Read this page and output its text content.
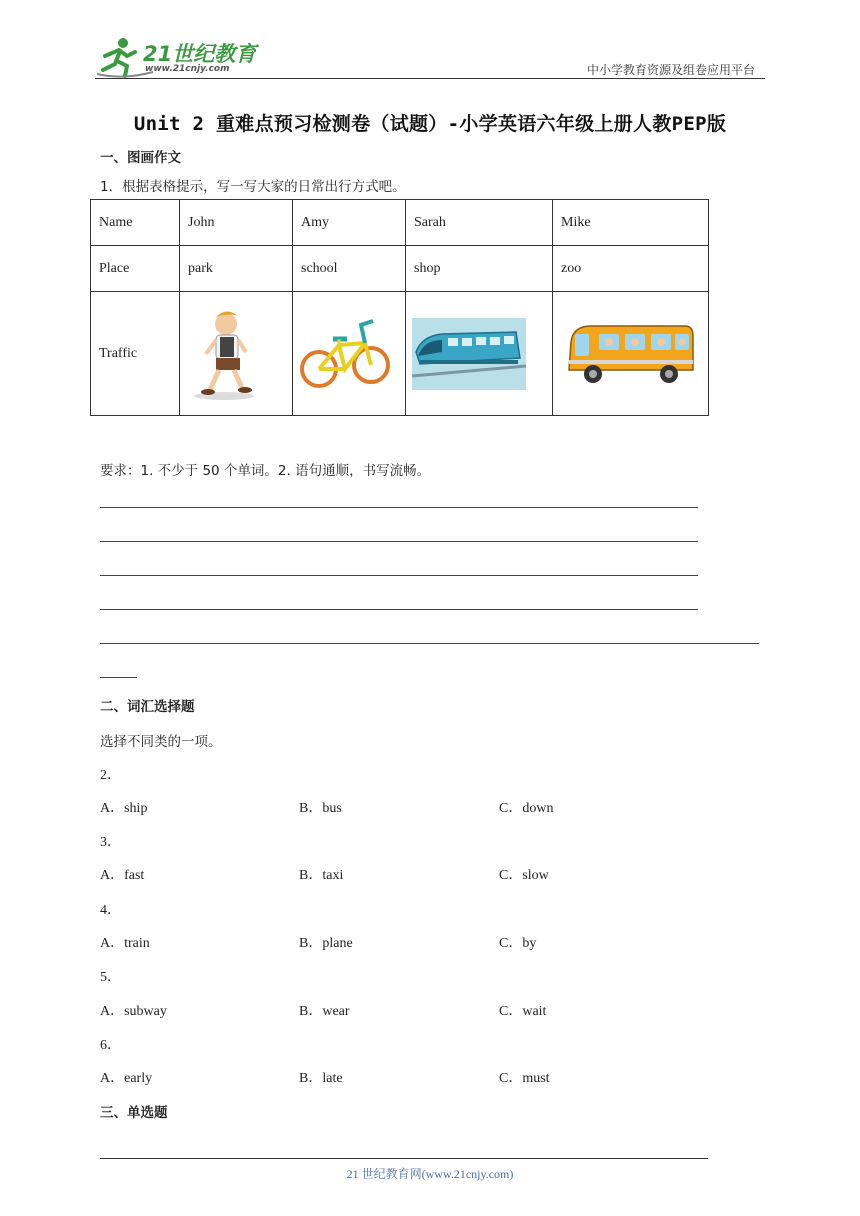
21世纪教育
www.21cnjy.com	中小学教育资源及组卷应用平台
Unit 2 重难点预习检测卷（试题）-小学英语六年级上册人教PEP版
一、图画作文
1．根据表格提示，写一写大家的日常出行方式吧。
Name	John	Amy	Sarah	Mike
Place	park	school	shop	zoo
Traffic	

要求：1. 不少于 50 个单词。2. 语句通顺，书写流畅。
二、词汇选择题
选择不同类的一项。
2．
A．ship	B．bus	C．down
3．
A．fast	B．taxi	C．slow
4．
A．train	B．plane	C．by
5．
A．subway	B．wear	C．wait
6．
A．early	B．late	C．must
三、单选题
21 世纪教育网(www.21cnjy.com)
